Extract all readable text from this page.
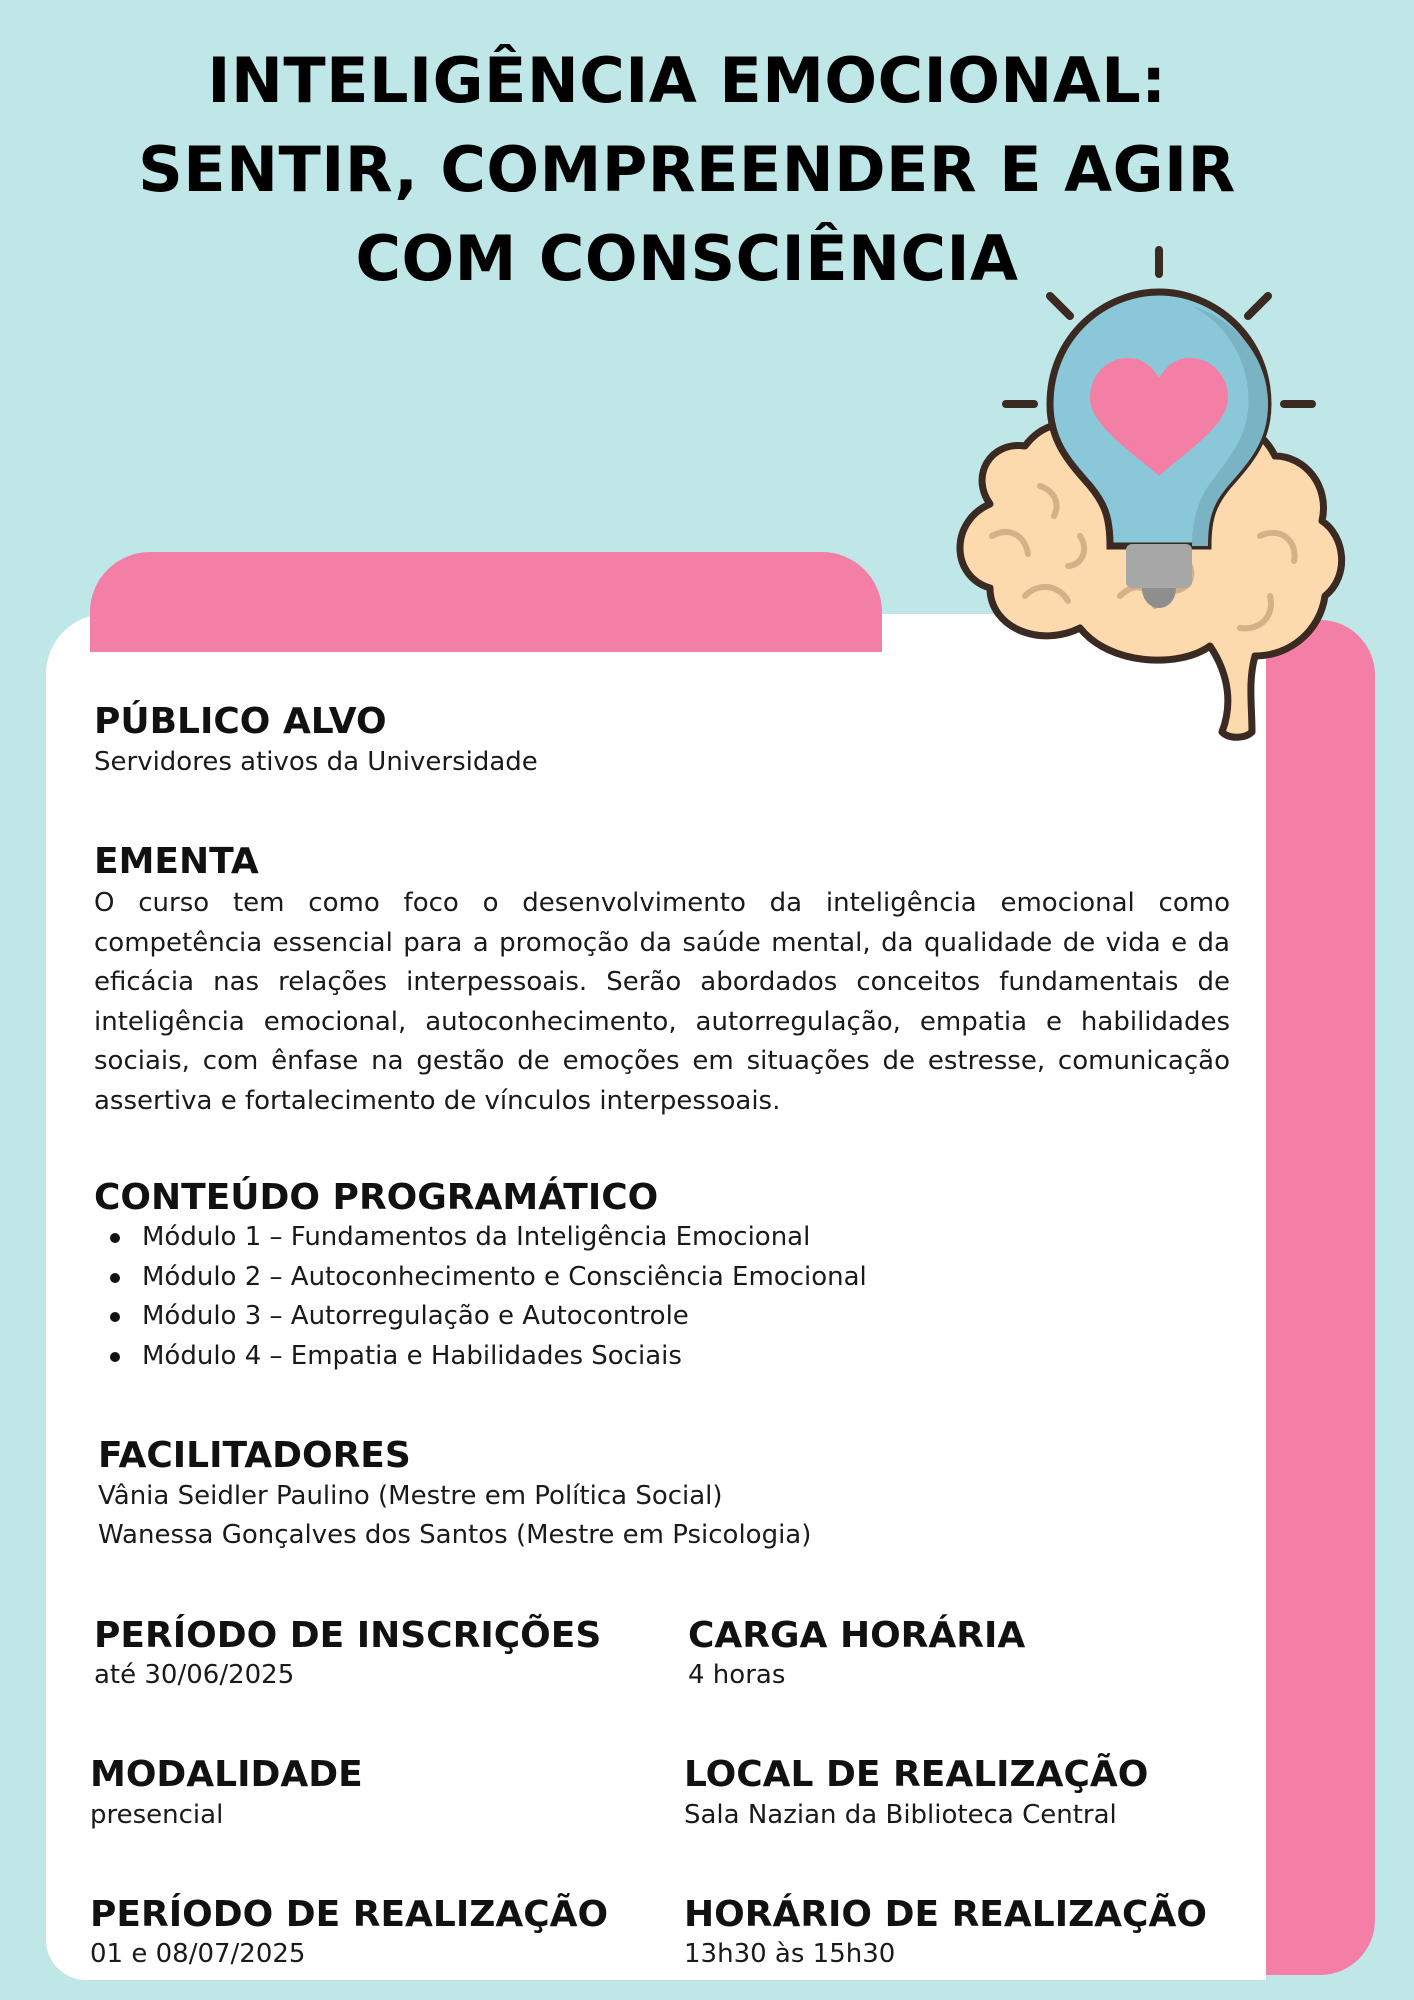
INTELIGÊNCIA EMOCIONAL:
SENTIR, COMPREENDER E AGIR
COM CONSCIÊNCIA
PÚBLICO ALVO

Servidores ativos da Universidade

EMENTA

O curso tem como foco o desenvolvimento da inteligência emocional como competência essencial para a promoção da saúde mental, da qualidade de vida e da eficácia nas relações interpessoais. Serão abordados conceitos fundamentais de inteligência emocional, autoconhecimento, autorregulação, empatia e habilidades sociais, com ênfase na gestão de emoções em situações de estresse, comunicação assertiva e fortalecimento de vínculos interpessoais.

CONTEÚDO PROGRAMÁTICO
Módulo 1 – Fundamentos da Inteligência Emocional
Módulo 2 – Autoconhecimento e Consciência Emocional
Módulo 3 – Autorregulação e Autocontrole
Módulo 4 – Empatia e Habilidades Sociais
FACILITADORES

Vânia Seidler Paulino (Mestre em Política Social)

Wanessa Gonçalves dos Santos (Mestre em Psicologia)

PERÍODO DE INSCRIÇÕES

até 30/06/2025

CARGA HORÁRIA

4 horas

MODALIDADE

presencial

LOCAL DE REALIZAÇÃO

Sala Nazian da Biblioteca Central

PERÍODO DE REALIZAÇÃO

01 e 08/07/2025

HORÁRIO DE REALIZAÇÃO

13h30 às 15h30
